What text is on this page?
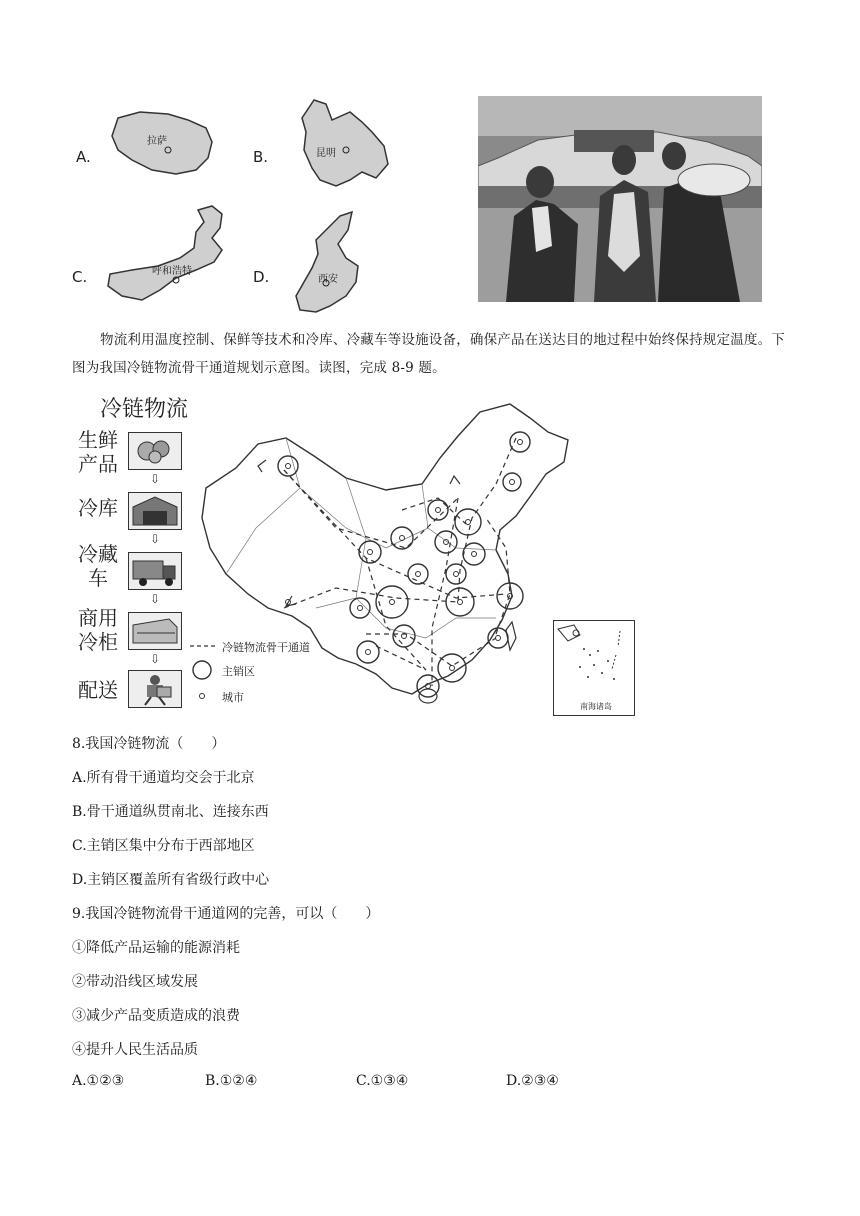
A.	B.
C.	D.
拉萨
昆明
呼和浩特
西安
物流利用温度控制、保鲜等技术和冷库、冷藏车等设施设备，确保产品在送达目的地过程中始终保持规定温度。下图为我国冷链物流骨干通道规划示意图。读图，完成 8-9 题。
冷链物流
生鲜产品
⇩
冷库
⇩
冷藏车
⇩
商用冷柜
⇩
配送
冷链物流骨干通道
主销区
城市
南海诸岛
8.我国冷链物流（　　）
A.所有骨干通道均交会于北京
B.骨干通道纵贯南北、连接东西
C.主销区集中分布于西部地区
D.主销区覆盖所有省级行政中心
9.我国冷链物流骨干通道网的完善，可以（　　）
①降低产品运输的能源消耗
②带动沿线区域发展
③减少产品变质造成的浪费
④提升人民生活品质
A.①②③	B.①②④	C.①③④	D.②③④
